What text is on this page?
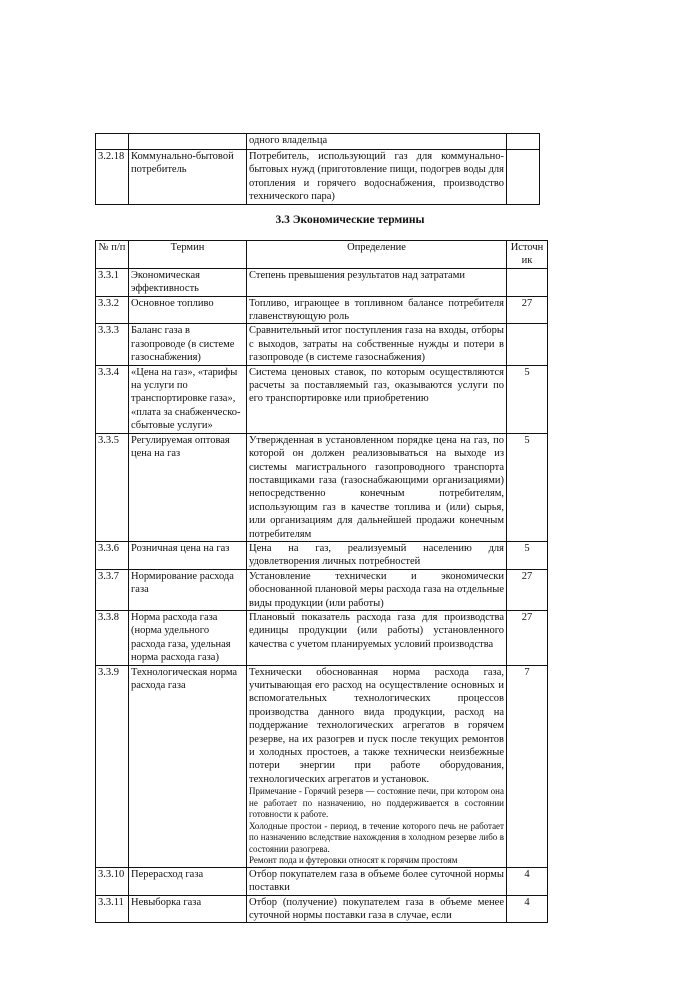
		одного владельца	
3.2.18	Коммунально-бытовой потребитель	Потребитель, использующий газ для коммунально-бытовых нужд (приготовление пищи, подогрев воды для отопления и горячего водоснабжения, производство технического пара)	
3.3 Экономические термины
№ п/п	Термин	Определение	Источник
3.3.1	Экономическая эффективность	Степень превышения результатов над затратами	
3.3.2	Основное топливо	Топливо, играющее в топливном балансе потребителя главенствующую роль	27
3.3.3	Баланс газа в газопроводе (в системе газоснабжения)	Сравнительный итог поступления газа на входы, отборы с выходов, затраты на собственные нужды и потери в газопроводе (в системе газоснабжения)	
3.3.4	«Цена на газ», «тарифы на услуги по транспортировке газа», «плата за снабженческо-сбытовые услуги»	Система ценовых ставок, по которым осуществляются расчеты за поставляемый газ, оказываются услуги по его транспортировке или приобретению	5
3.3.5	Регулируемая оптовая цена на газ	Утвержденная в установленном порядке цена на газ, по которой он должен реализовываться на выходе из системы магистрального газопроводного транспорта поставщиками газа (газоснабжающими организациями) непосредственно конечным потребителям, использующим газ в качестве топлива и (или) сырья, или организациям для дальнейшей продажи конечным потребителям	5
3.3.6	Розничная цена на газ	Цена на газ, реализуемый населению для удовлетворения личных потребностей	5
3.3.7	Нормирование расхода газа	Установление технически и экономически обоснованной плановой меры расхода газа на отдельные виды продукции (или работы)	27
3.3.8	Норма расхода газа (норма удельного расхода газа, удельная норма расхода газа)	Плановый показатель расхода газа для производства единицы продукции (или работы) установленного качества с учетом планируемых условий производства	27
3.3.9	Технологическая норма расхода газа	Технически обоснованная норма расхода газа, учитывающая его расход на осуществление основных и вспомогательных технологических процессов производства данного вида продукции, расход на поддержание технологических агрегатов в горячем резерве, на их разогрев и пуск после текущих ремонтов и холодных простоев, а также технически неизбежные потери энергии при работе оборудования, технологических агрегатов и установок.
Примечание - Горячий резерв — состояние печи, при котором она не работает по назначению, но поддерживается в состоянии готовности к работе.
Холодные простои - период, в течение которого печь не работает по назначению вследствие нахождения в холодном резерве либо в состоянии разогрева.
Ремонт пода и футеровки относят к горячим простоям	7
3.3.10	Перерасход газа	Отбор покупателем газа в объеме более суточной нормы поставки	4
3.3.11	Невыборка газа	Отбор (получение) покупателем газа в объеме менее суточной нормы поставки газа в случае, если	4
